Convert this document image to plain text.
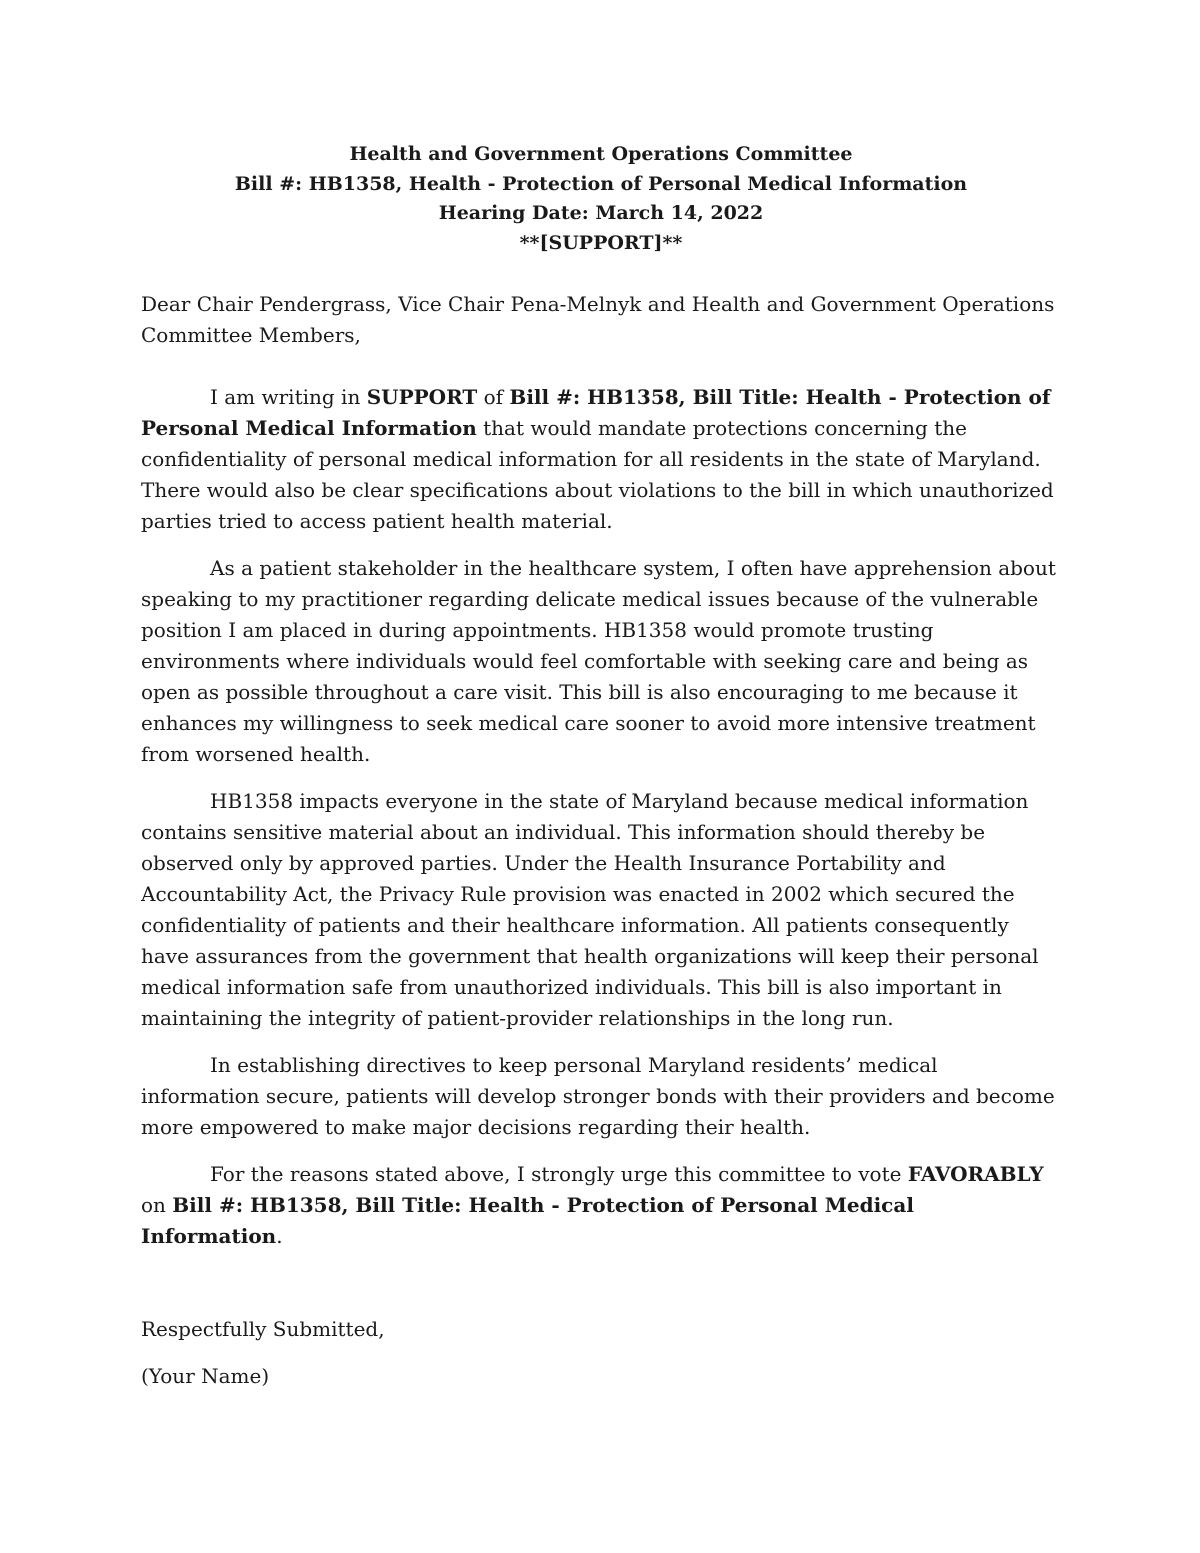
Health and Government Operations Committee
Bill #: HB1358, Health - Protection of Personal Medical Information
Hearing Date: March 14, 2022
**[SUPPORT]**
Dear Chair Pendergrass, Vice Chair Pena-Melnyk and Health and Government Operations Committee Members,

I am writing in SUPPORT of Bill #: HB1358, Bill Title: Health - Protection of Personal Medical Information that would mandate protections concerning the confidentiality of personal medical information for all residents in the state of Maryland. There would also be clear specifications about violations to the bill in which unauthorized parties tried to access patient health material.

As a patient stakeholder in the healthcare system, I often have apprehension about speaking to my practitioner regarding delicate medical issues because of the vulnerable position I am placed in during appointments. HB1358 would promote trusting environments where individuals would feel comfortable with seeking care and being as open as possible throughout a care visit. This bill is also encouraging to me because it enhances my willingness to seek medical care sooner to avoid more intensive treatment from worsened health.

HB1358 impacts everyone in the state of Maryland because medical information contains sensitive material about an individual. This information should thereby be observed only by approved parties. Under the Health Insurance Portability and Accountability Act, the Privacy Rule provision was enacted in 2002 which secured the confidentiality of patients and their healthcare information. All patients consequently have assurances from the government that health organizations will keep their personal medical information safe from unauthorized individuals. This bill is also important in maintaining the integrity of patient-provider relationships in the long run.

In establishing directives to keep personal Maryland residents’ medical information secure, patients will develop stronger bonds with their providers and become more empowered to make major decisions regarding their health.

For the reasons stated above, I strongly urge this committee to vote FAVORABLY on Bill #: HB1358, Bill Title: Health - Protection of Personal Medical Information.

Respectfully Submitted,
(Your Name)
